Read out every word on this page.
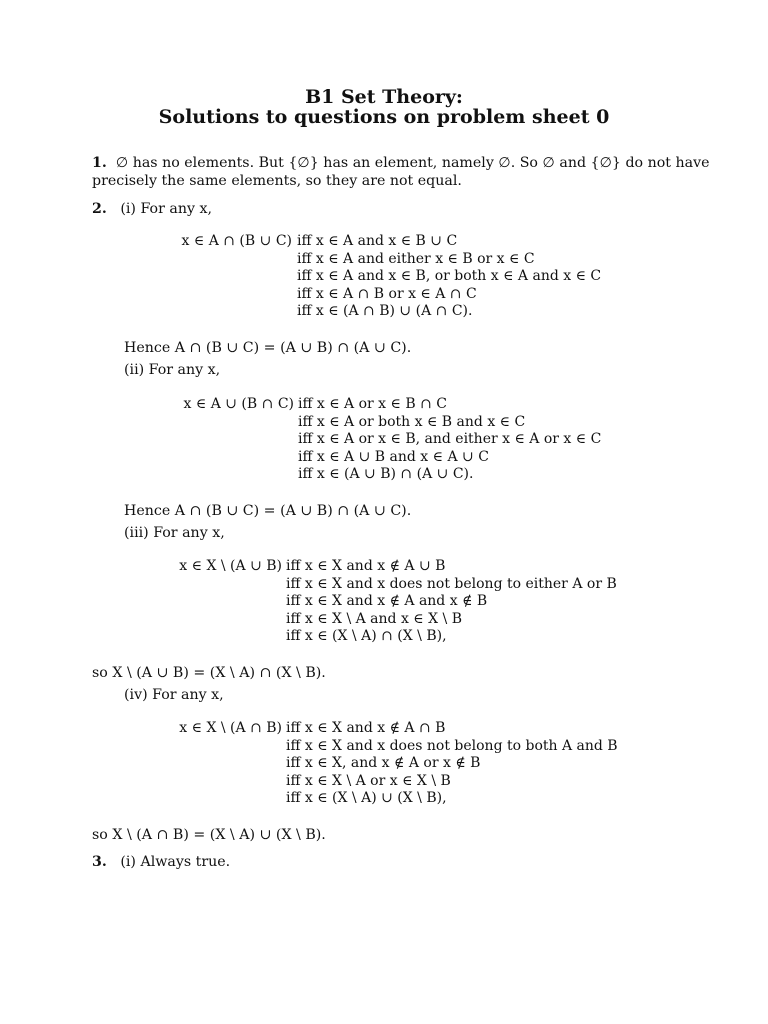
B1 Set Theory:
Solutions to questions on problem sheet 0
1. ∅ has no elements. But {∅} has an element, namely ∅. So ∅ and {∅} do not have
precisely the same elements, so they are not equal.
2. (i) For any x,
x ∈ A ∩ (B ∪ C) iff x ∈ A and x ∈ B ∪ C
iff x ∈ A and either x ∈ B or x ∈ C
iff x ∈ A and x ∈ B, or both x ∈ A and x ∈ C
iff x ∈ A ∩ B or x ∈ A ∩ C
iff x ∈ (A ∩ B) ∪ (A ∩ C).
Hence A ∩ (B ∪ C) = (A ∪ B) ∩ (A ∪ C).
(ii) For any x,
x ∈ A ∪ (B ∩ C) iff x ∈ A or x ∈ B ∩ C
iff x ∈ A or both x ∈ B and x ∈ C
iff x ∈ A or x ∈ B, and either x ∈ A or x ∈ C
iff x ∈ A ∪ B and x ∈ A ∪ C
iff x ∈ (A ∪ B) ∩ (A ∪ C).
Hence A ∩ (B ∪ C) = (A ∪ B) ∩ (A ∪ C).
(iii) For any x,
x ∈ X \ (A ∪ B) iff x ∈ X and x ∉ A ∪ B
iff x ∈ X and x does not belong to either A or B
iff x ∈ X and x ∉ A and x ∉ B
iff x ∈ X \ A and x ∈ X \ B
iff x ∈ (X \ A) ∩ (X \ B),
so X \ (A ∪ B) = (X \ A) ∩ (X \ B).
(iv) For any x,
x ∈ X \ (A ∩ B) iff x ∈ X and x ∉ A ∩ B
iff x ∈ X and x does not belong to both A and B
iff x ∈ X, and x ∉ A or x ∉ B
iff x ∈ X \ A or x ∈ X \ B
iff x ∈ (X \ A) ∪ (X \ B),
so X \ (A ∩ B) = (X \ A) ∪ (X \ B).
3. (i) Always true.
